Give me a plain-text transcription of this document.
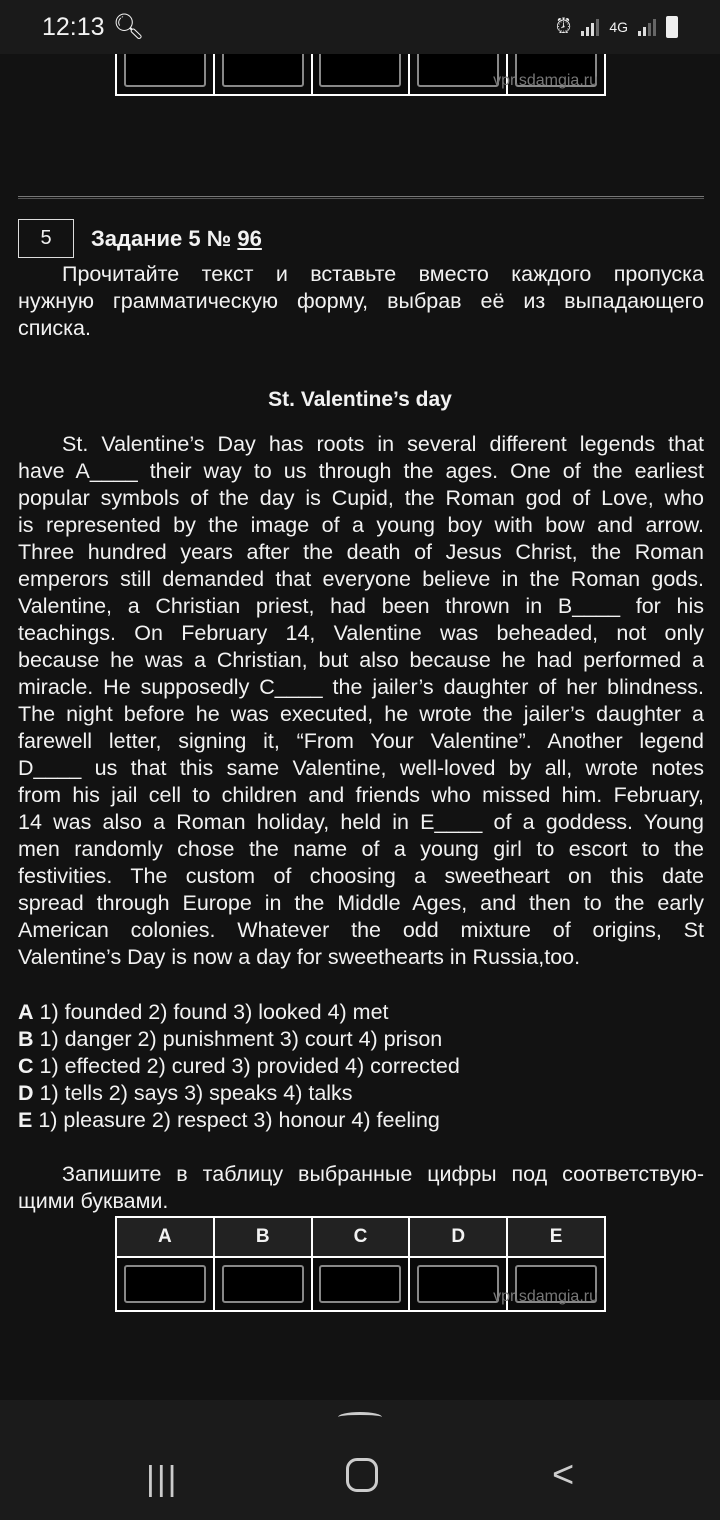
vpr.sdamgia.ru
12:13 🔍︎	⏰︎	4G
5	Задание 5 № 96
Прочитайте текст и вставьте вместо каждого пропуска
нужную грамматическую форму, выбрав её из выпадающего
списка.
St. Valentine’s day
St. Valentine’s Day has roots in several different legends that
have A____ their way to us through the ages. One of the earliest
popular symbols of the day is Cupid, the Roman god of Love, who
is represented by the image of a young boy with bow and arrow.
Three hundred years after the death of Jesus Christ, the Roman
emperors still demanded that everyone believe in the Roman gods.
Valentine, a Christian priest, had been thrown in B____ for his
teachings. On February 14, Valentine was beheaded, not only
because he was a Christian, but also because he had performed a
miracle. He supposedly C____ the jailer’s daughter of her blindness.
The night before he was executed, he wrote the jailer’s daughter a
farewell letter, signing it, “From Your Valentine”. Another legend
D____ us that this same Valentine, well-loved by all, wrote notes
from his jail cell to children and friends who missed him. February,
14 was also a Roman holiday, held in E____ of a goddess. Young
men randomly chose the name of a young girl to escort to the
festivities. The custom of choosing a sweetheart on this date
spread through Europe in the Middle Ages, and then to the early
American colonies. Whatever the odd mixture of origins, St
Valentine’s Day is now a day for sweethearts in Russia,too.
A 1) founded 2) found 3) looked 4) met
B 1) danger 2) punishment 3) court 4) prison
C 1) effected 2) cured 3) provided 4) corrected
D 1) tells 2) says 3) speaks 4) talks
E 1) pleasure 2) respect 3) honour 4) feeling
Запишите в таблицу выбранные цифры под соответствую-
щими буквами.
A	B	C	D	E

				vpr.sdamgia.ru
|||	<
